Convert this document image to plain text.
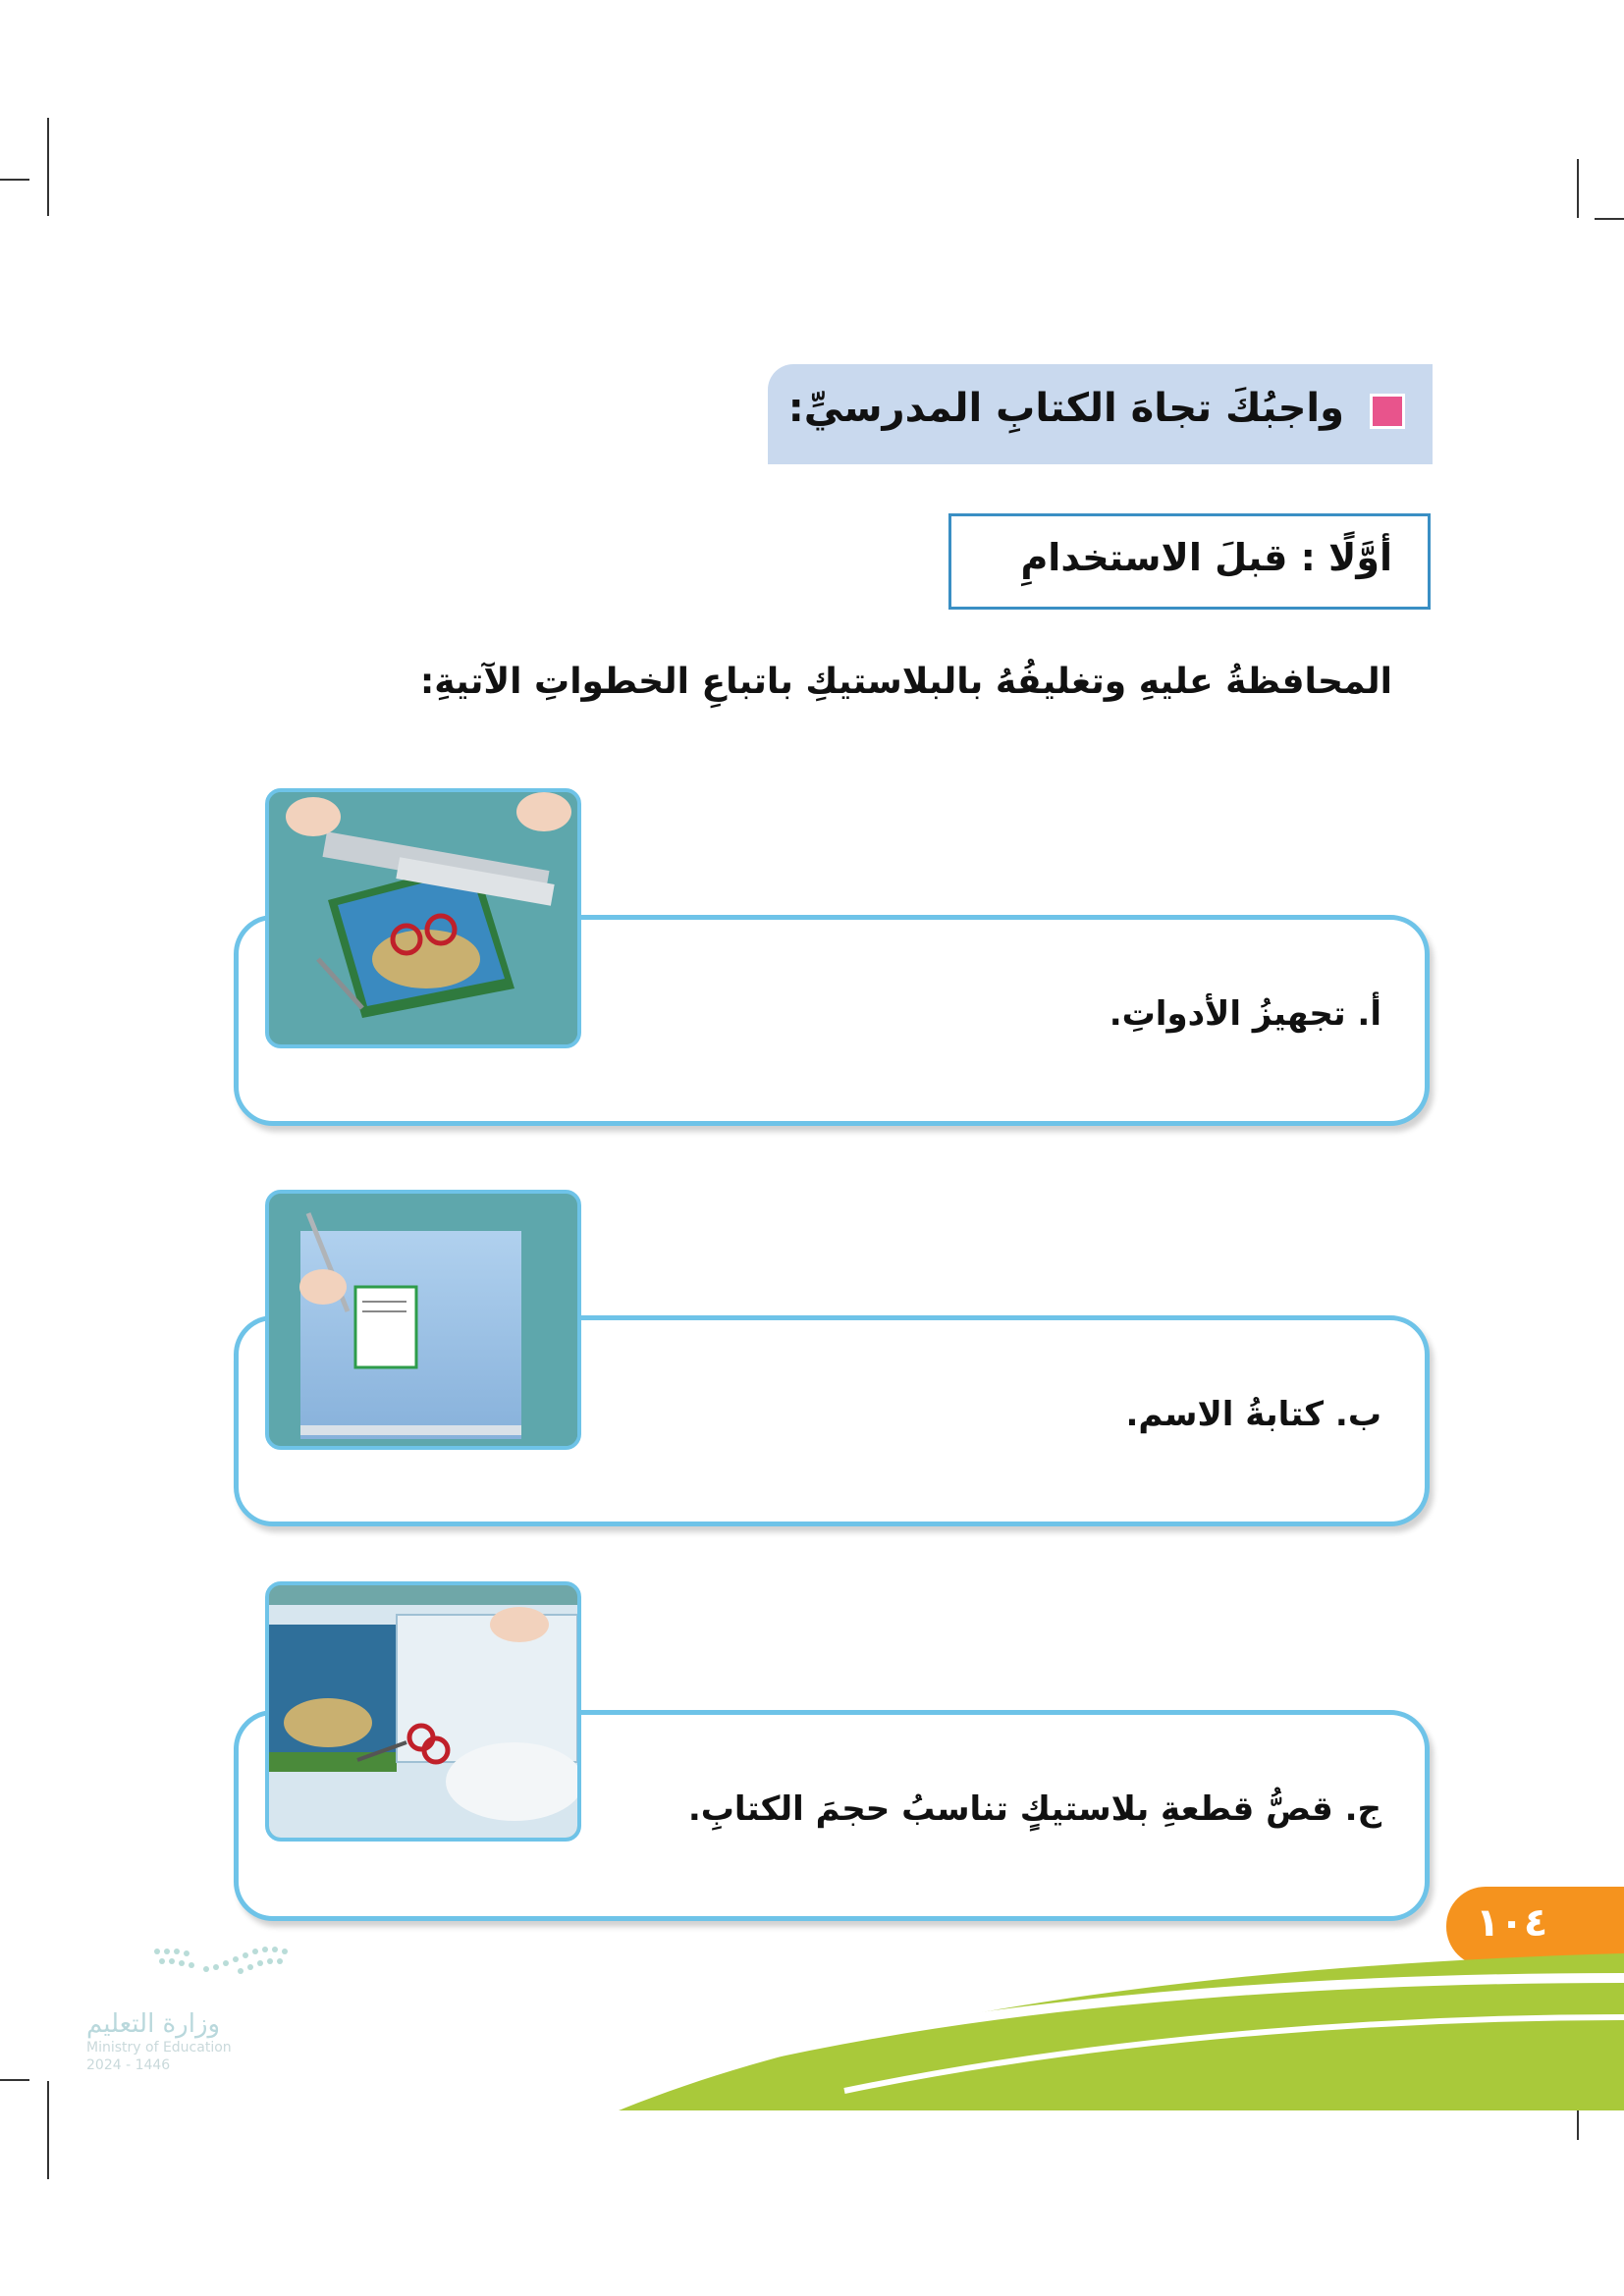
واجبُكَ تجاهَ الكتابِ المدرسيِّ:
أوَّلًا : قبلَ الاستخدامِ
المحافظةُ عليهِ وتغليفُهُ بالبلاستيكِ باتباعِ الخطواتِ الآتيةِ:
أ. تجهيزُ الأدواتِ.
ب. كتابةُ الاسم.
ج. قصُّ قطعةِ بلاستيكٍ تناسبُ حجمَ الكتابِ.
١٠٤
وزارة التعليم
Ministry of Education
2024 - 1446
